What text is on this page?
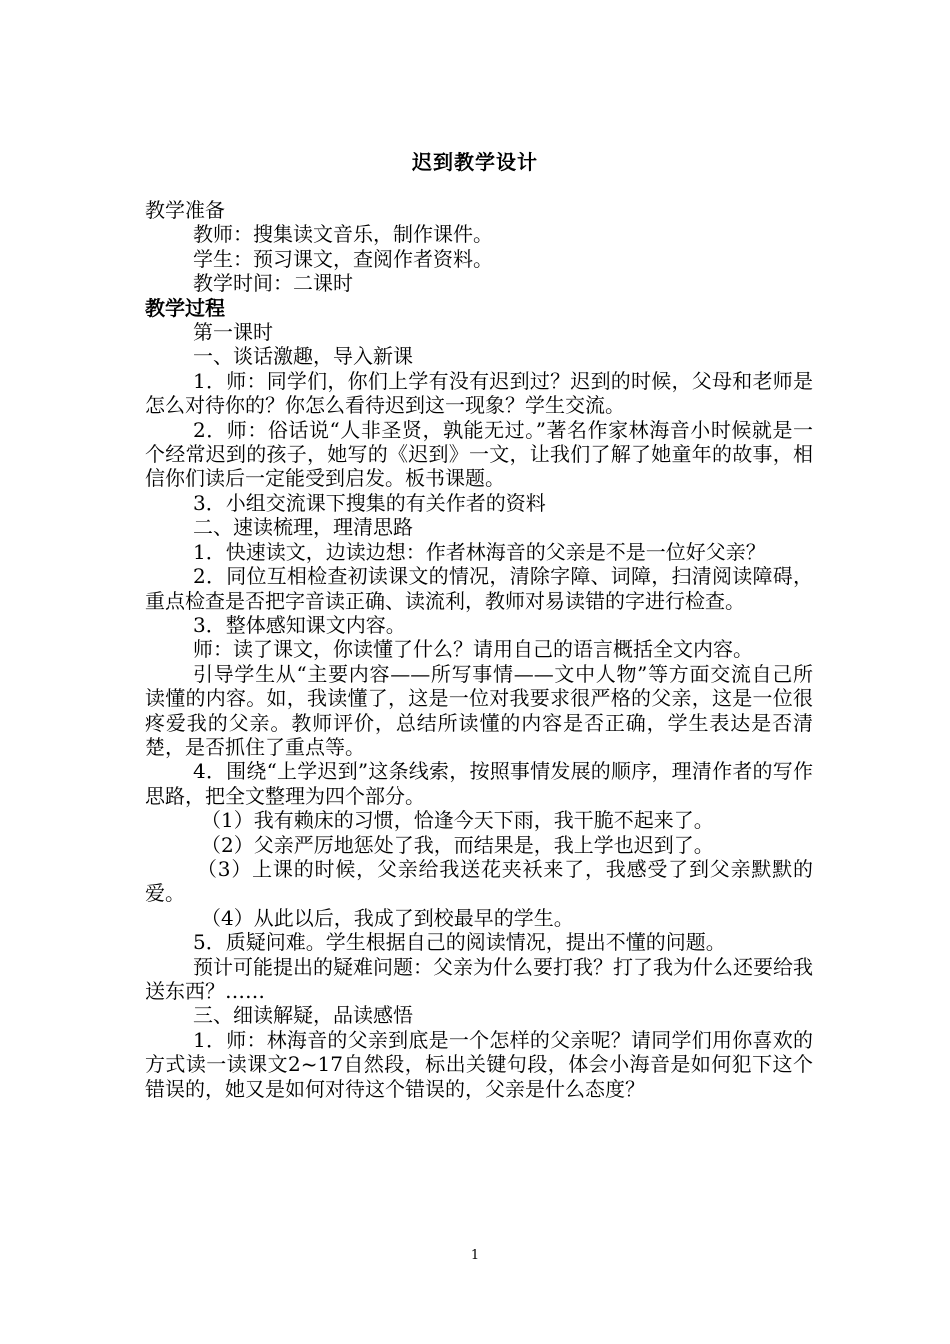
迟到教学设计

教学准备

教师：搜集读文音乐，制作课件。

学生：预习课文，查阅作者资料。

教学时间：二课时

教学过程

第一课时

一、谈话激趣，导入新课

1．师：同学们，你们上学有没有迟到过？迟到的时候，父母和老师是怎么对待你的？你怎么看待迟到这一现象？学生交流。

2．师：俗话说“人非圣贤，孰能无过。”著名作家林海音小时候就是一个经常迟到的孩子，她写的《迟到》一文，让我们了解了她童年的故事，相信你们读后一定能受到启发。板书课题。

3．小组交流课下搜集的有关作者的资料

二、速读梳理，理清思路

1．快速读文，边读边想：作者林海音的父亲是不是一位好父亲？

2．同位互相检查初读课文的情况，清除字障、词障，扫清阅读障碍，重点检查是否把字音读正确、读流利，教师对易读错的字进行检查。

3．整体感知课文内容。

师：读了课文，你读懂了什么？请用自己的语言概括全文内容。

引导学生从“主要内容——所写事情——文中人物”等方面交流自己所读懂的内容。如，我读懂了，这是一位对我要求很严格的父亲，这是一位很疼爱我的父亲。教师评价，总结所读懂的内容是否正确，学生表达是否清楚，是否抓住了重点等。

4．围绕“上学迟到”这条线索，按照事情发展的顺序，理清作者的写作思路，把全文整理为四个部分。

（1）我有赖床的习惯，恰逢今天下雨，我干脆不起来了。

（2）父亲严厉地惩处了我，而结果是，我上学也迟到了。

（3）上课的时候，父亲给我送花夹袄来了，我感受了到父亲默默的爱。

（4）从此以后，我成了到校最早的学生。

5．质疑问难。学生根据自己的阅读情况，提出不懂的问题。

预计可能提出的疑难问题：父亲为什么要打我？打了我为什么还要给我送东西？……

三、细读解疑，品读感悟

1．师：林海音的父亲到底是一个怎样的父亲呢？请同学们用你喜欢的方式读一读课文2~17自然段，标出关键句段，体会小海音是如何犯下这个错误的，她又是如何对待这个错误的，父亲是什么态度？

1
